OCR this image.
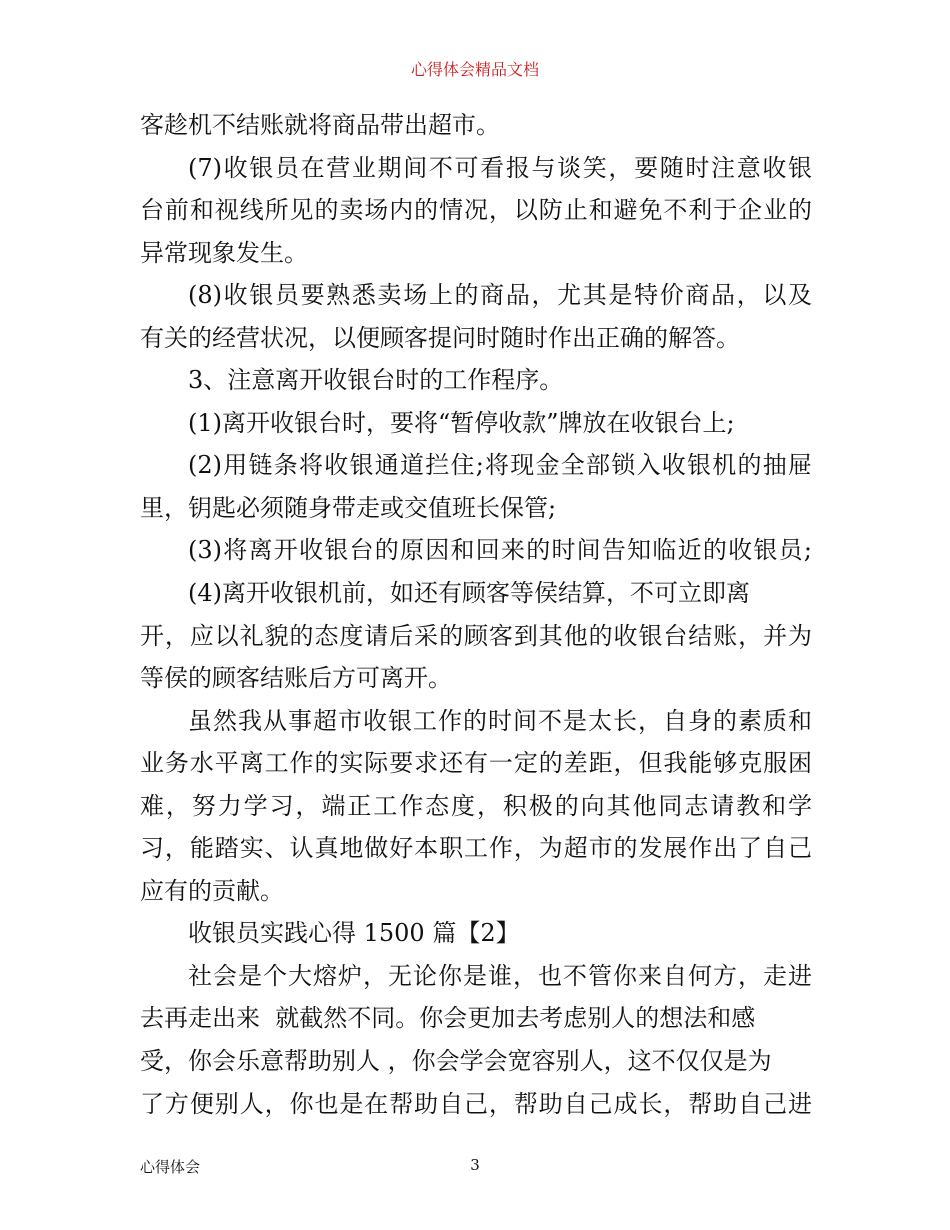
心得体会精品文档
客趁机不结账就将商品带出超市。
(7)收银员在营业期间不可看报与谈笑，要随时注意收银
台前和视线所见的卖场内的情况，以防止和避免不利于企业的
异常现象发生。
(8)收银员要熟悉卖场上的商品，尤其是特价商品，以及
有关的经营状况，以便顾客提问时随时作出正确的解答。
3、注意离开收银台时的工作程序。
(1)离开收银台时，要将“暂停收款”牌放在收银台上;
(2)用链条将收银通道拦住;将现金全部锁入收银机的抽屉
里，钥匙必须随身带走或交值班长保管;
(3)将离开收银台的原因和回来的时间告知临近的收银员;
(4)离开收银机前，如还有顾客等侯结算，不可立即离
开，应以礼貌的态度请后采的顾客到其他的收银台结账，并为
等侯的顾客结账后方可离开。
虽然我从事超市收银工作的时间不是太长，自身的素质和
业务水平离工作的实际要求还有一定的差距，但我能够克服困
难，努力学习，端正工作态度，积极的向其他同志请教和学
习，能踏实、认真地做好本职工作，为超市的发展作出了自己
应有的贡献。
收银员实践心得 1500 篇【2】
社会是个大熔炉，无论你是谁，也不管你来自何方，走进
去再走出来  就截然不同。你会更加去考虑别人的想法和感
受，你会乐意帮助别人 ，你会学会宽容别人，这不仅仅是为
了方便别人，你也是在帮助自己，帮助自己成长，帮助自己进
心得体会	3
